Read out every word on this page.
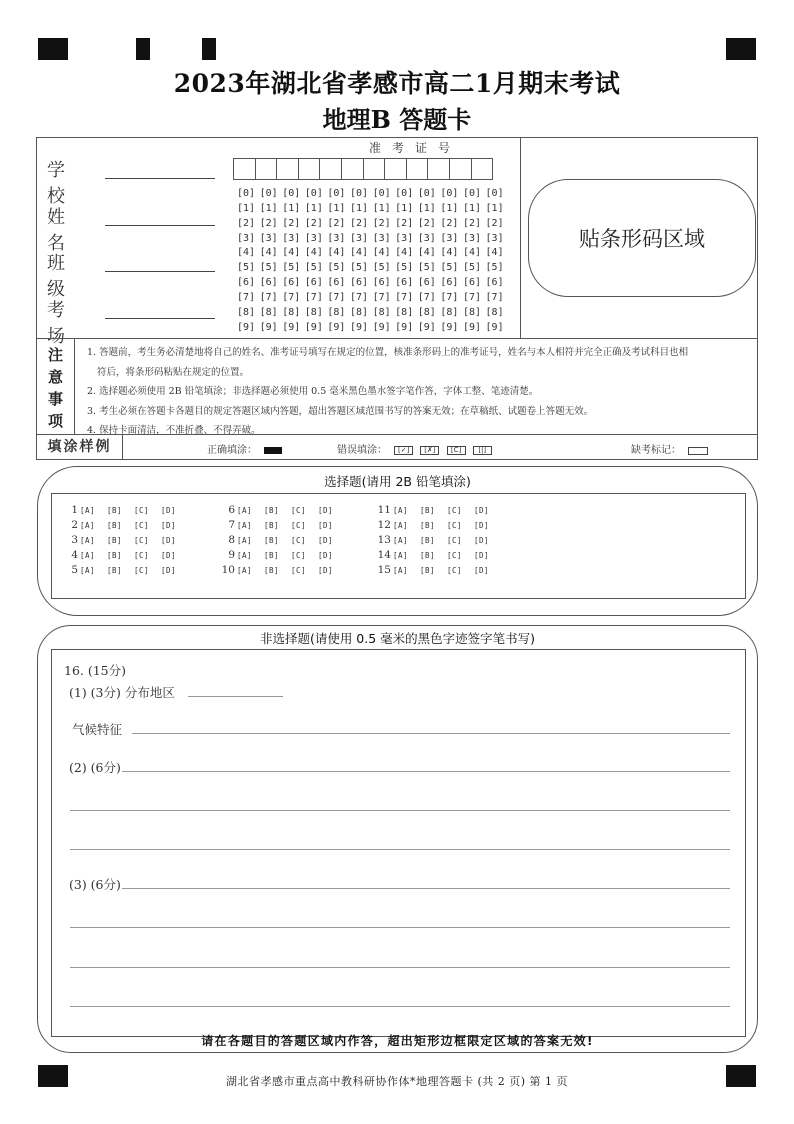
2023年湖北省孝感市高二1月期末考试
地理B 答题卡
学 校
姓 名
班 级
考 场
准考证号
[0] [0] [0] [0] [0] [0] [0] [0] [0] [0] [0] [0]
[1] [1] [1] [1] [1] [1] [1] [1] [1] [1] [1] [1]
[2] [2] [2] [2] [2] [2] [2] [2] [2] [2] [2] [2]
[3] [3] [3] [3] [3] [3] [3] [3] [3] [3] [3] [3]
[4] [4] [4] [4] [4] [4] [4] [4] [4] [4] [4] [4]
[5] [5] [5] [5] [5] [5] [5] [5] [5] [5] [5] [5]
[6] [6] [6] [6] [6] [6] [6] [6] [6] [6] [6] [6]
[7] [7] [7] [7] [7] [7] [7] [7] [7] [7] [7] [7]
[8] [8] [8] [8] [8] [8] [8] [8] [8] [8] [8] [8]
[9] [9] [9] [9] [9] [9] [9] [9] [9] [9] [9] [9]
贴条形码区域
注
意
事
项
1. 答题前，考生务必清楚地将自己的姓名、准考证号填写在规定的位置，核准条形码上的准考证号，姓名与本人相符并完全正确及考试科目也相
符后，将条形码粘贴在规定的位置。
2. 选择题必须使用 2B 铅笔填涂；非选择题必须使用 0.5 毫米黑色墨水签字笔作答，字体工整、笔迹清楚。
3. 考生必须在答题卡各题目的规定答题区域内答题，超出答题区域范围书写的答案无效；在草稿纸、试题卷上答题无效。
4. 保持卡面清洁，不准折叠、不得弄破。
填涂样例	正确填涂：	错误填涂： [✓] [✗] [C] [|]	缺考标记：
选择题(请用 2B 铅笔填涂)
1 [A] [B] [C] [D]
2 [A] [B] [C] [D]
3 [A] [B] [C] [D]
4 [A] [B] [C] [D]
5 [A] [B] [C] [D]
6 [A] [B] [C] [D]
7 [A] [B] [C] [D]
8 [A] [B] [C] [D]
9 [A] [B] [C] [D]
10 [A] [B] [C] [D]
11 [A] [B] [C] [D]
12 [A] [B] [C] [D]
13 [A] [B] [C] [D]
14 [A] [B] [C] [D]
15 [A] [B] [C] [D]
非选择题(请使用 0.5 毫米的黑色字迹签字笔书写)
16. (15分)
(1) (3分) 分布地区
气候特征
(2) (6分)
(3) (6分)
请在各题目的答题区域内作答，超出矩形边框限定区域的答案无效!
湖北省孝感市重点高中教科研协作体*地理答题卡 (共 2 页) 第 1 页
